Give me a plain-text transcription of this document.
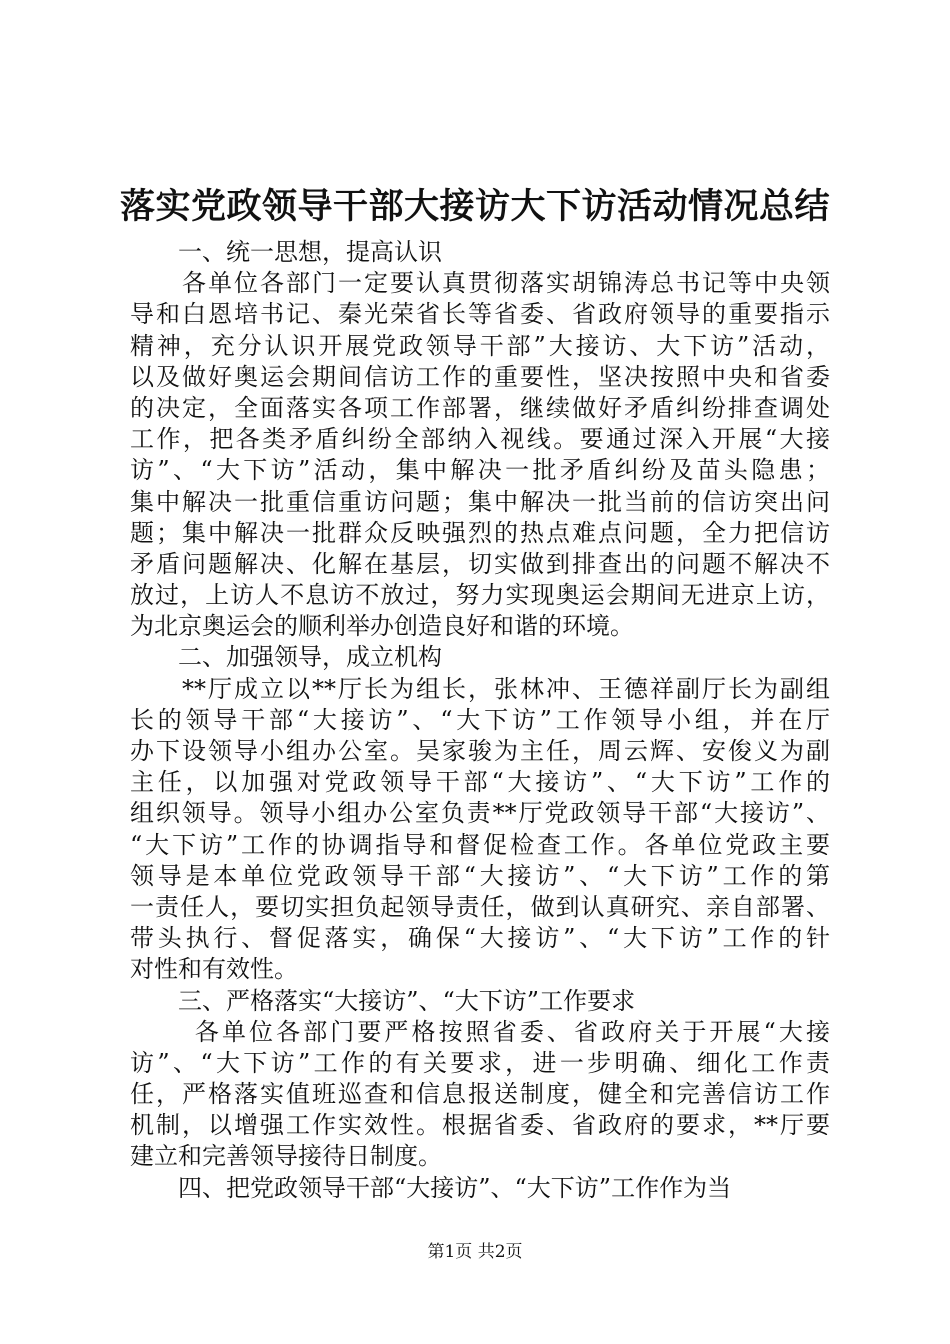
落实党政领导干部大接访大下访活动情况总结
一、统一思想，提高认识
　　各单位各部门一定要认真贯彻落实胡锦涛总书记等中央领
导和白恩培书记、秦光荣省长等省委、省政府领导的重要指示
精神，充分认识开展党政领导干部”大接访、大下访”活动，
以及做好奥运会期间信访工作的重要性，坚决按照中央和省委
的决定，全面落实各项工作部署，继续做好矛盾纠纷排查调处
工作，把各类矛盾纠纷全部纳入视线。要通过深入开展“大接
访”、“大下访”活动，集中解决一批矛盾纠纷及苗头隐患；
集中解决一批重信重访问题；集中解决一批当前的信访突出问
题；集中解决一批群众反映强烈的热点难点问题，全力把信访
矛盾问题解决、化解在基层，切实做到排查出的问题不解决不
放过，上访人不息访不放过，努力实现奥运会期间无进京上访，
为北京奥运会的顺利举办创造良好和谐的环境。
二、加强领导，成立机构
　　**厅成立以**厅长为组长，张林冲、王德祥副厅长为副组
长的领导干部“大接访”、“大下访”工作领导小组，并在厅
办下设领导小组办公室。吴家骏为主任，周云辉、安俊义为副
主任，以加强对党政领导干部“大接访”、“大下访”工作的
组织领导。领导小组办公室负责**厅党政领导干部“大接访”、
“大下访”工作的协调指导和督促检查工作。各单位党政主要
领导是本单位党政领导干部“大接访”、“大下访”工作的第
一责任人，要切实担负起领导责任，做到认真研究、亲自部署、
带头执行、督促落实，确保“大接访”、“大下访”工作的针
对性和有效性。
三、严格落实“大接访”、“大下访”工作要求
　　 各单位各部门要严格按照省委、省政府关于开展“大接
访”、“大下访”工作的有关要求，进一步明确、细化工作责
任，严格落实值班巡查和信息报送制度，健全和完善信访工作
机制，以增强工作实效性。根据省委、省政府的要求，**厅要
建立和完善领导接待日制度。
　　四、把党政领导干部“大接访”、“大下访”工作作为当
第1页 共2页
